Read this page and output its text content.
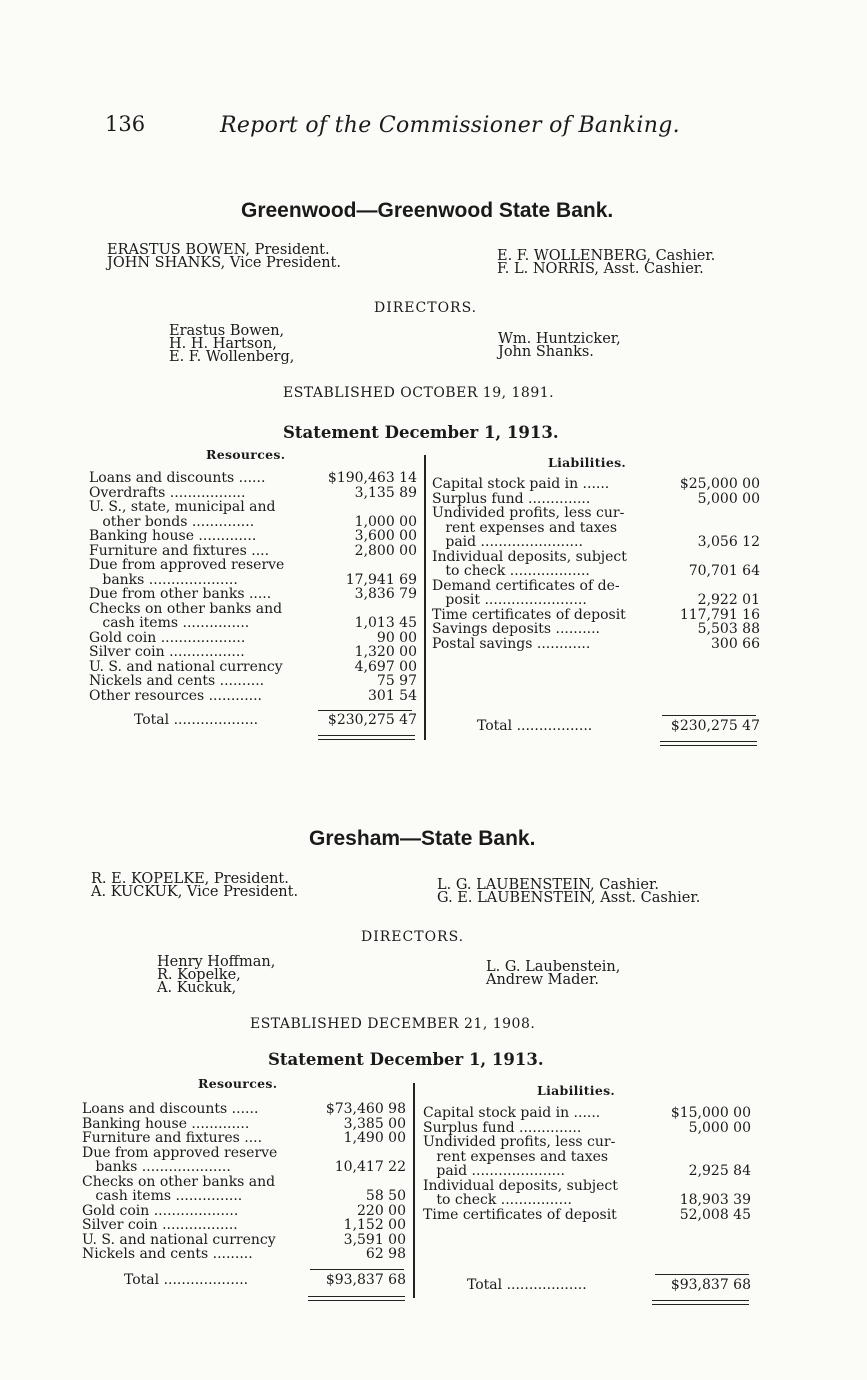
136	Report of the Commissioner of Banking.
Greenwood—Greenwood State Bank.
ERASTUS BOWEN, President.
JOHN SHANKS, Vice President.	E. F. WOLLENBERG, Cashier.
F. L. NORRIS, Asst. Cashier.
DIRECTORS.
Erastus Bowen,
H. H. Hartson,
E. F. Wollenberg,
Wm. Huntzicker,
John Shanks.
ESTABLISHED OCTOBER 19, 1891.
Statement December 1, 1913.
Resources.
Liabilities.
Loans and discounts ......	$190,463 14
Overdrafts .................	3,135 89
U. S., state, municipal and
other bonds ..............	1,000 00
Banking house .............	3,600 00
Furniture and fixtures ....	2,800 00
Due from approved reserve
banks ....................	17,941 69
Due from other banks .....	3,836 79
Checks on other banks and
cash items ...............	1,013 45
Gold coin ...................	90 00
Silver coin .................	1,320 00
U. S. and national currency	4,697 00
Nickels and cents ..........	75 97
Other resources ............	301 54
Capital stock paid in ......	$25,000 00
Surplus fund ..............	5,000 00
Undivided profits, less cur-
rent expenses and taxes
paid .......................	3,056 12
Individual deposits, subject
to check ..................	70,701 64
Demand certificates of de-
posit .......................	2,922 01
Time certificates of deposit	117,791 16
Savings deposits ..........	5,503 88
Postal savings ............	300 66
Total ...................	$230,275 47	Total .................	$230,275 47
Gresham—State Bank.
R. E. KOPELKE, President.
A. KUCKUK, Vice President.	L. G. LAUBENSTEIN, Cashier.
G. E. LAUBENSTEIN, Asst. Cashier.
DIRECTORS.
Henry Hoffman,
R. Kopelke,
A. Kuckuk,
L. G. Laubenstein,
Andrew Mader.
ESTABLISHED DECEMBER 21, 1908.
Statement December 1, 1913.
Resources.	Liabilities.
Loans and discounts ......	$73,460 98
Banking house .............	3,385 00
Furniture and fixtures ....	1,490 00
Due from approved reserve
banks ....................	10,417 22
Checks on other banks and
cash items ...............	58 50
Gold coin ...................	220 00
Silver coin .................	1,152 00
U. S. and national currency	3,591 00
Nickels and cents .........	62 98
Capital stock paid in ......	$15,000 00
Surplus fund ..............	5,000 00
Undivided profits, less cur-
rent expenses and taxes
paid .....................	2,925 84
Individual deposits, subject
to check ................	18,903 39
Time certificates of deposit	52,008 45
Total ...................	$93,837 68	Total ..................	$93,837 68
